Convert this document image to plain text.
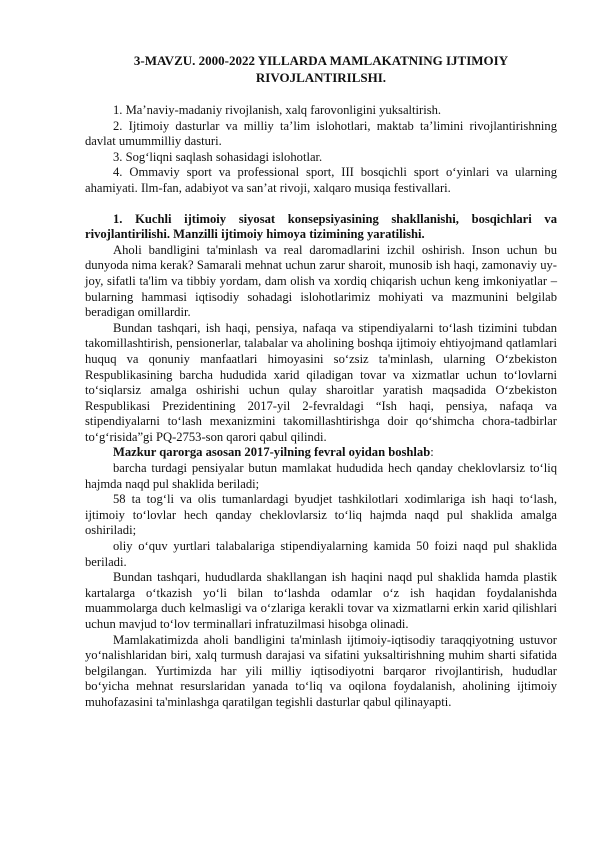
3-MAVZU. 2000-2022 YILLARDA MAMLAKATNING IJTIMOIY RIVOJLANTIRILSHI.

1. Ma’naviy-madaniy rivojlanish, xalq farovonligini yuksaltirish.

2. Ijtimoiy dasturlar va milliy ta’lim islohotlari, maktab ta’limini rivojlantirishning davlat umummilliy dasturi.

3. Sog‘liqni saqlash sohasidagi islohotlar.

4. Ommaviy sport va professional sport, III bosqichli sport o‘yinlari va ularning ahamiyati. Ilm-fan, adabiyot va san’at rivoji, xalqaro musiqa festivallari.

1. Kuchli ijtimoiy siyosat konsepsiyasining shakllanishi, bosqichlari va rivojlantirilishi. Manzilli ijtimoiy himoya tizimining yaratilishi.

Aholi bandligini ta'minlash va real daromadlarini izchil oshirish. Inson uchun bu dunyoda nima kerak? Samarali mehnat uchun zarur sharoit, munosib ish haqi, zamonaviy uy-joy, sifatli ta'lim va tibbiy yordam, dam olish va xordiq chiqarish uchun keng imkoniyatlar – bularning hammasi iqtisodiy sohadagi islohotlarimiz mohiyati va mazmunini belgilab beradigan omillardir.

Bundan tashqari, ish haqi, pensiya, nafaqa va stipendiyalarni to‘lash tizimini tubdan takomillashtirish, pensionerlar, talabalar va aholining boshqa ijtimoiy ehtiyojmand qatlamlari huquq va qonuniy manfaatlari himoyasini so‘zsiz ta'minlash, ularning O‘zbekiston Respublikasining barcha hududida xarid qiladigan tovar va xizmatlar uchun to‘lovlarni to‘siqlarsiz amalga oshirishi uchun qulay sharoitlar yaratish maqsadida O‘zbekiston Respublikasi Prezidentining 2017-yil 2-fevraldagi “Ish haqi, pensiya, nafaqa va stipendiyalarni to‘lash mexanizmini takomillashtirishga doir qo‘shimcha chora-tadbirlar to‘g‘risida”gi PQ-2753-son qarori qabul qilindi.

Mazkur qarorga asosan 2017-yilning fevral oyidan boshlab:

barcha turdagi pensiyalar butun mamlakat hududida hech qanday cheklovlarsiz to‘liq hajmda naqd pul shaklida beriladi;

58 ta tog‘li va olis tumanlardagi byudjet tashkilotlari xodimlariga ish haqi to‘lash, ijtimoiy to‘lovlar hech qanday cheklovlarsiz to‘liq hajmda naqd pul shaklida amalga oshiriladi;

oliy o‘quv yurtlari talabalariga stipendiyalarning kamida 50 foizi naqd pul shaklida beriladi.

Bundan tashqari, hududlarda shakllangan ish haqini naqd pul shaklida hamda plastik kartalarga o‘tkazish yo‘li bilan to‘lashda odamlar o‘z ish haqidan foydalanishda muammolarga duch kelmasligi va o‘zlariga kerakli tovar va xizmatlarni erkin xarid qilishlari uchun mavjud to‘lov terminallari infratuzilmasi hisobga olinadi.

Mamlakatimizda aholi bandligini ta'minlash ijtimoiy-iqtisodiy taraqqiyotning ustuvor yo‘nalishlaridan biri, xalq turmush darajasi va sifatini yuksaltirishning muhim sharti sifatida belgilangan. Yurtimizda har yili milliy iqtisodiyotni barqaror rivojlantirish, hududlar bo‘yicha mehnat resurslaridan yanada to‘liq va oqilona foydalanish, aholining ijtimoiy muhofazasini ta'minlashga qaratilgan tegishli dasturlar qabul qilinayapti.
